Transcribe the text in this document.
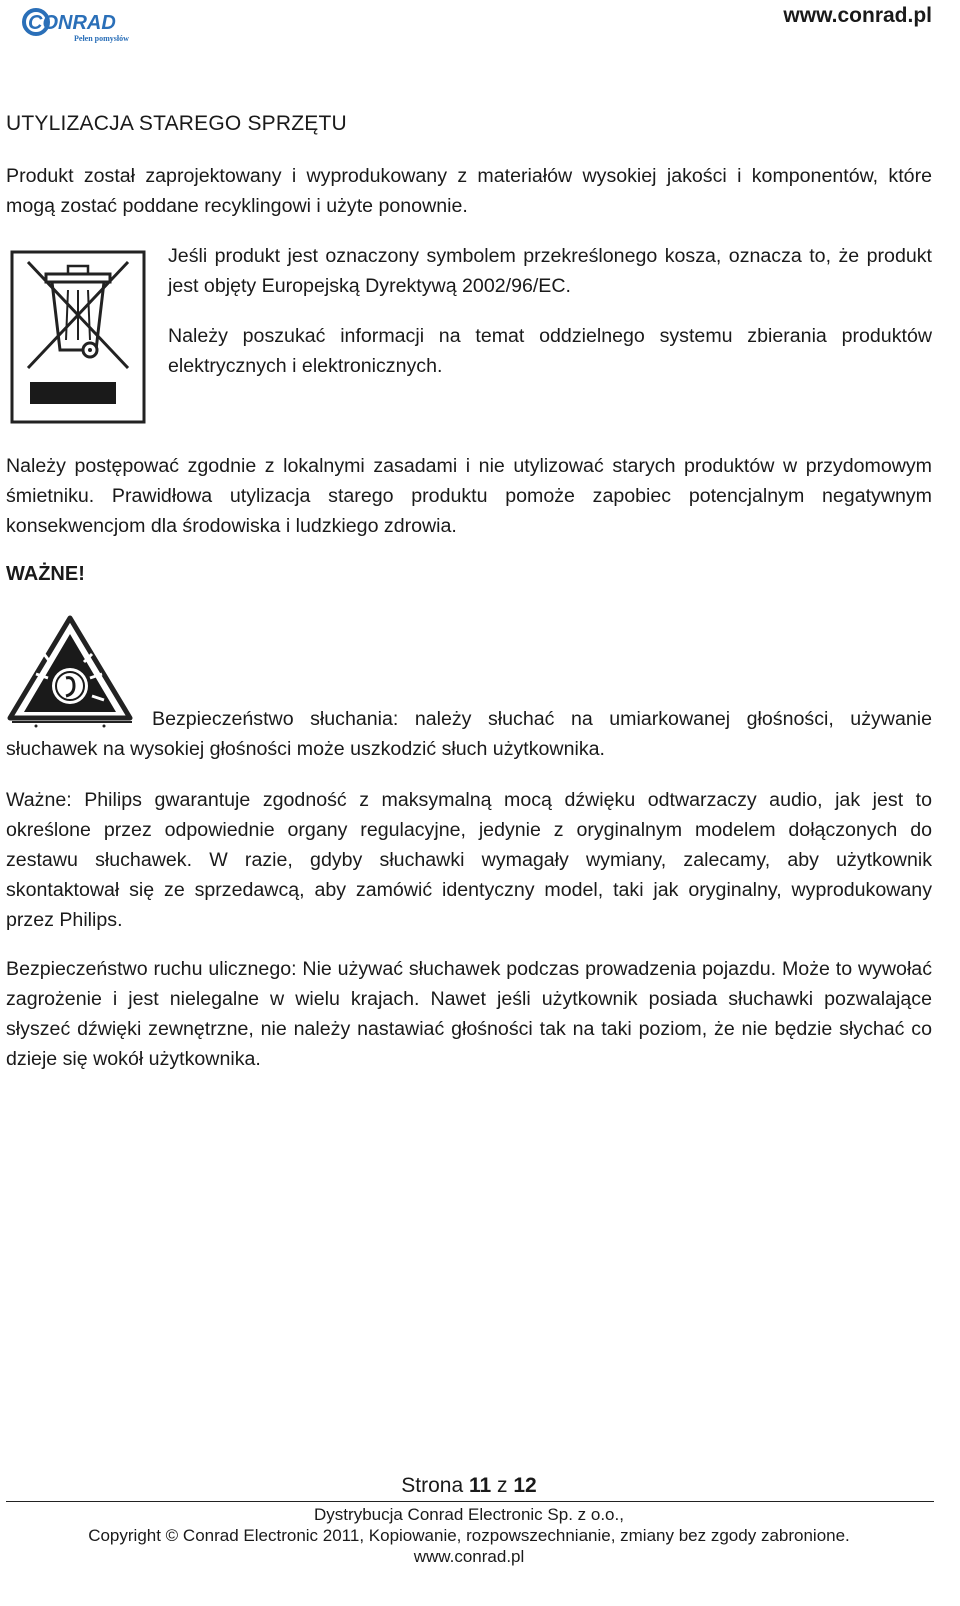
CONRAD
Pełen pomysłów
www.conrad.pl
UTYLIZACJA STAREGO SPRZĘTU
Produkt został zaprojektowany i wyprodukowany z materiałów wysokiej jakości i komponentów, które mogą zostać poddane recyklingowi i użyte ponownie.
Jeśli produkt jest oznaczony symbolem przekreślonego kosza, oznacza to, że produkt jest objęty Europejską Dyrektywą 2002/96/EC.
Należy poszukać informacji na temat oddzielnego systemu zbierania produktów elektrycznych i elektronicznych.
Należy postępować zgodnie z lokalnymi zasadami i nie utylizować starych produktów w przydomowym śmietniku. Prawidłowa utylizacja starego produktu pomoże zapobiec potencjalnym negatywnym konsekwencjom dla środowiska i ludzkiego zdrowia.
WAŻNE!
Bezpieczeństwo słuchania: należy słuchać na umiarkowanej głośności, używanie słuchawek na wysokiej głośności może uszkodzić słuch użytkownika.
Ważne: Philips gwarantuje zgodność z maksymalną mocą dźwięku odtwarzaczy audio, jak jest to określone przez odpowiednie organy regulacyjne, jedynie z oryginalnym modelem dołączonych do zestawu słuchawek. W razie, gdyby słuchawki wymagały wymiany, zalecamy, aby użytkownik skontaktował się ze sprzedawcą, aby zamówić identyczny model, taki jak oryginalny, wyprodukowany przez Philips.
Bezpieczeństwo ruchu ulicznego: Nie używać słuchawek podczas prowadzenia pojazdu. Może to wywołać zagrożenie i jest nielegalne w wielu krajach. Nawet jeśli użytkownik posiada słuchawki pozwalające słyszeć dźwięki zewnętrzne, nie należy nastawiać głośności tak na taki poziom, że nie będzie słychać co dzieje się wokół użytkownika.
Strona 11 z 12
Dystrybucja Conrad Electronic Sp. z o.o.,
Copyright © Conrad Electronic 2011, Kopiowanie, rozpowszechnianie, zmiany bez zgody zabronione.
www.conrad.pl
